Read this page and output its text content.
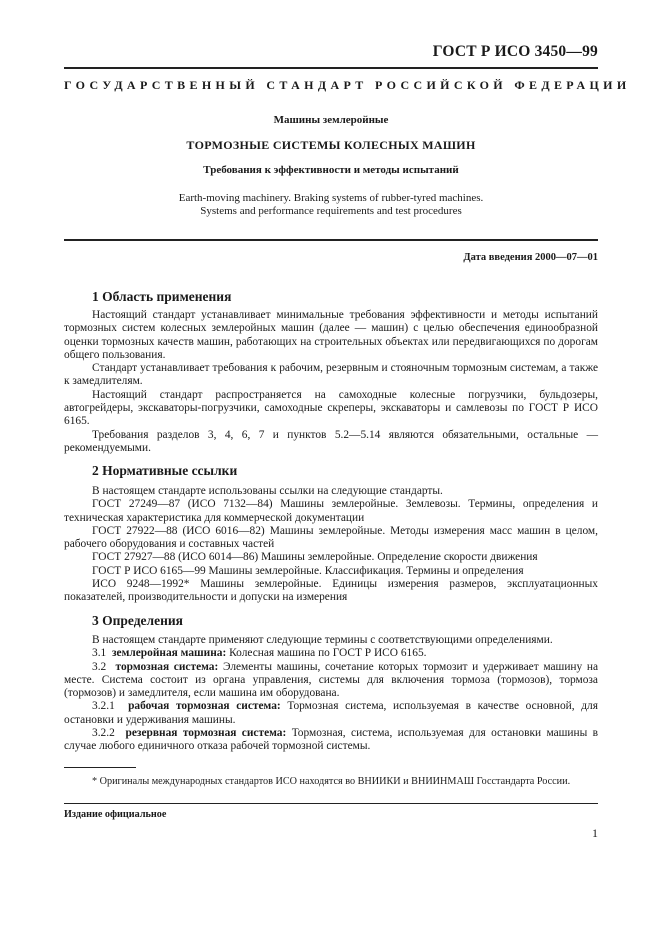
ГОСТ Р ИСО 3450—99
ГОСУДАРСТВЕННЫЙ СТАНДАРТ РОССИЙСКОЙ ФЕДЕРАЦИИ
Машины землеройные
ТОРМОЗНЫЕ СИСТЕМЫ КОЛЕСНЫХ МАШИН
Требования к эффективности и методы испытаний
Earth-moving machinery. Braking systems of rubber-tyred machines.
Systems and performance requirements and test procedures
Дата введения 2000—07—01
1 Область применения

Настоящий стандарт устанавливает минимальные требования эффективности и методы испытаний тормозных систем колесных землеройных машин (далее — машин) с целью обеспечения единообразной оценки тормозных качеств машин, работающих на строительных объектах или передвигающихся по дорогам общего пользования.

Стандарт устанавливает требования к рабочим, резервным и стояночным тормозным системам, а также к замедлителям.

Настоящий стандарт распространяется на самоходные колесные погрузчики, бульдозеры, автогрейдеры, экскаваторы-погрузчики, самоходные скреперы, экскаваторы и самлевозы по ГОСТ Р ИСО 6165.

Требования разделов 3, 4, 6, 7 и пунктов 5.2—5.14 являются обязательными, остальные — рекомендуемыми.

2 Нормативные ссылки

В настоящем стандарте использованы ссылки на следующие стандарты.

ГОСТ 27249—87 (ИСО 7132—84) Машины землеройные. Землевозы. Термины, определения и техническая характеристика для коммерческой документации

ГОСТ 27922—88 (ИСО 6016—82) Машины землеройные. Методы измерения масс машин в целом, рабочего оборудования и составных частей

ГОСТ 27927—88 (ИСО 6014—86) Машины землеройные. Определение скорости движения

ГОСТ Р ИСО 6165—99 Машины землеройные. Классификация. Термины и определения

ИСО 9248—1992* Машины землеройные. Единицы измерения размеров, эксплуатационных показателей, производительности и допуски на измерения

3 Определения

В настоящем стандарте применяют следующие термины с соответствующими определениями.

3.1 землеройная машина: Колесная машина по ГОСТ Р ИСО 6165.

3.2 тормозная система: Элементы машины, сочетание которых тормозит и удерживает машину на месте. Система состоит из органа управления, системы для включения тормоза (тормозов), тормоза (тормозов) и замедлителя, если машина им оборудована.

3.2.1 рабочая тормозная система: Тормозная система, используемая в качестве основной, для остановки и удерживания машины.

3.2.2 резервная тормозная система: Тормозная, система, используемая для остановки машины в случае любого единичного отказа рабочей тормозной системы.

* Оригиналы международных стандартов ИСО находятся во ВНИИКИ и ВНИИНМАШ Госстандарта России.
Издание официальное
1
